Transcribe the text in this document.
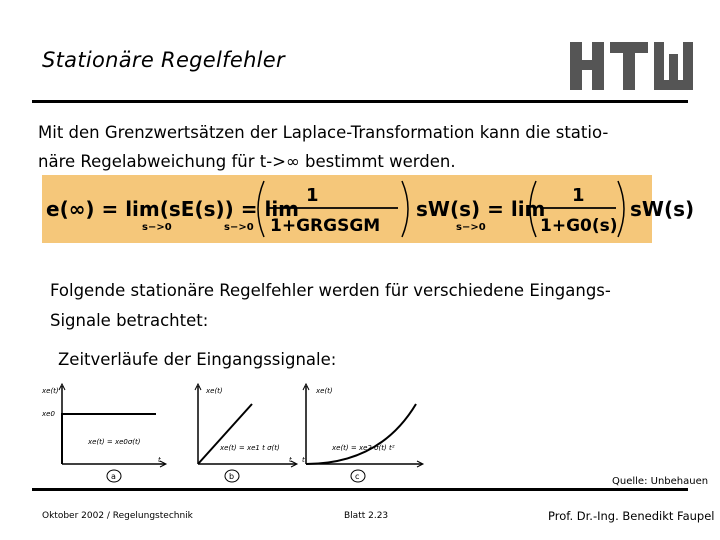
Stationäre Regelfehler
Mit den Grenzwertsätzen der Laplace-Transformation kann die statio-
näre Regelabweichung für t->∞ bestimmt werden.
e(∞) = lim(sE(s)) = lim
s−>0	s−>0
1
1+GRGSGM
sW(s) = lim
s−>0
1
1+G0(s)
sW(s)
Folgende stationäre Regelfehler werden für verschiedene Eingangs-
Signale betrachtet:
Zeitverläufe der Eingangssignale:
xe(t)
xe0
xe(t) = xe0σ(t)
t
a
xe(t)
xe(t) = xe1 t σ(t)
t
b
xe(t)
xe(t) = xe2 σ(t) t²
t
c	Quelle: Unbehauen
Oktober 2002 / Regelungstechnik	Blatt 2.23	Prof. Dr.-Ing. Benedikt Faupel
